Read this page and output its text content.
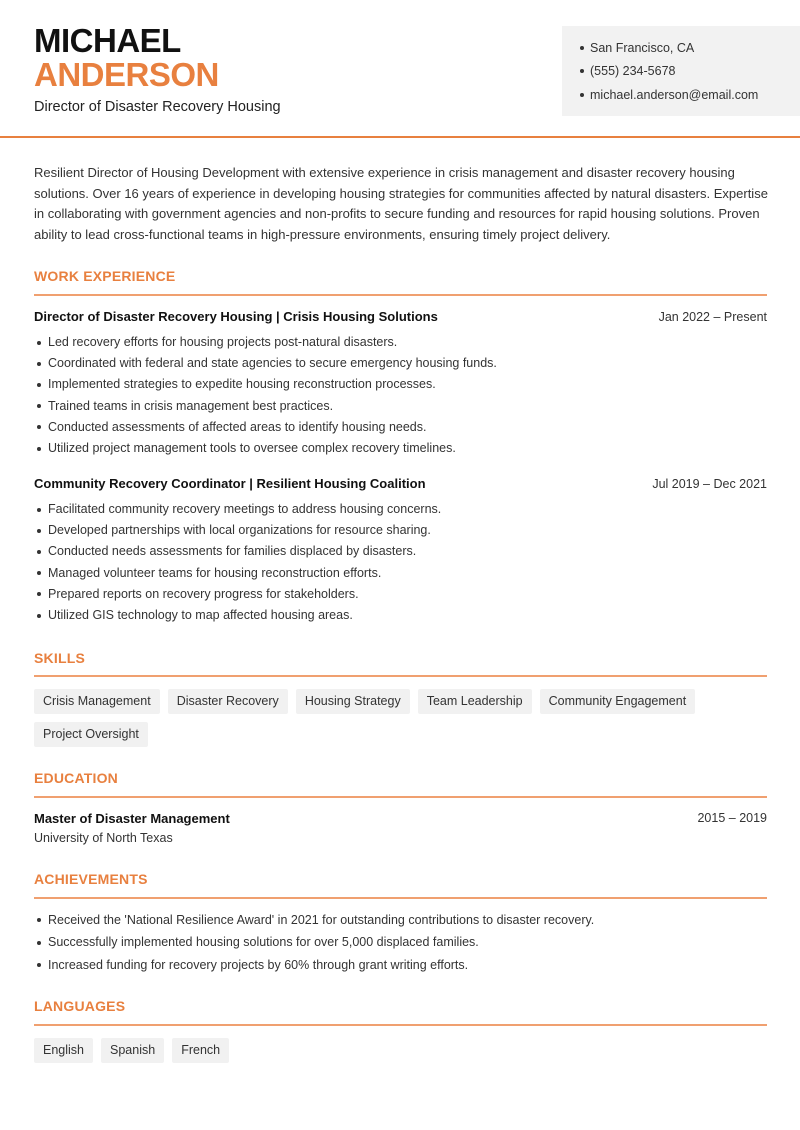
MICHAEL
ANDERSON
Director of Disaster Recovery Housing
San Francisco, CA
(555) 234-5678
michael.anderson@email.com

Resilient Director of Housing Development with extensive experience in crisis management and disaster recovery housing solutions. Over 16 years of experience in developing housing strategies for communities affected by natural disasters. Expertise in collaborating with government agencies and non-profits to secure funding and resources for rapid housing solutions. Proven ability to lead cross-functional teams in high-pressure environments, ensuring timely project delivery.

WORK EXPERIENCE
Director of Disaster Recovery Housing | Crisis Housing Solutions	Jan 2022 – Present
Led recovery efforts for housing projects post-natural disasters.
Coordinated with federal and state agencies to secure emergency housing funds.
Implemented strategies to expedite housing reconstruction processes.
Trained teams in crisis management best practices.
Conducted assessments of affected areas to identify housing needs.
Utilized project management tools to oversee complex recovery timelines.
Community Recovery Coordinator | Resilient Housing Coalition	Jul 2019 – Dec 2021
Facilitated community recovery meetings to address housing concerns.
Developed partnerships with local organizations for resource sharing.
Conducted needs assessments for families displaced by disasters.
Managed volunteer teams for housing reconstruction efforts.
Prepared reports on recovery progress for stakeholders.
Utilized GIS technology to map affected housing areas.
SKILLS
Crisis Management	Disaster Recovery	Housing Strategy	Team Leadership	Community Engagement
Project Oversight
EDUCATION
Master of Disaster Management	2015 – 2019
University of North Texas
ACHIEVEMENTS
Received the 'National Resilience Award' in 2021 for outstanding contributions to disaster recovery.
Successfully implemented housing solutions for over 5,000 displaced families.
Increased funding for recovery projects by 60% through grant writing efforts.
LANGUAGES
English	Spanish	French
